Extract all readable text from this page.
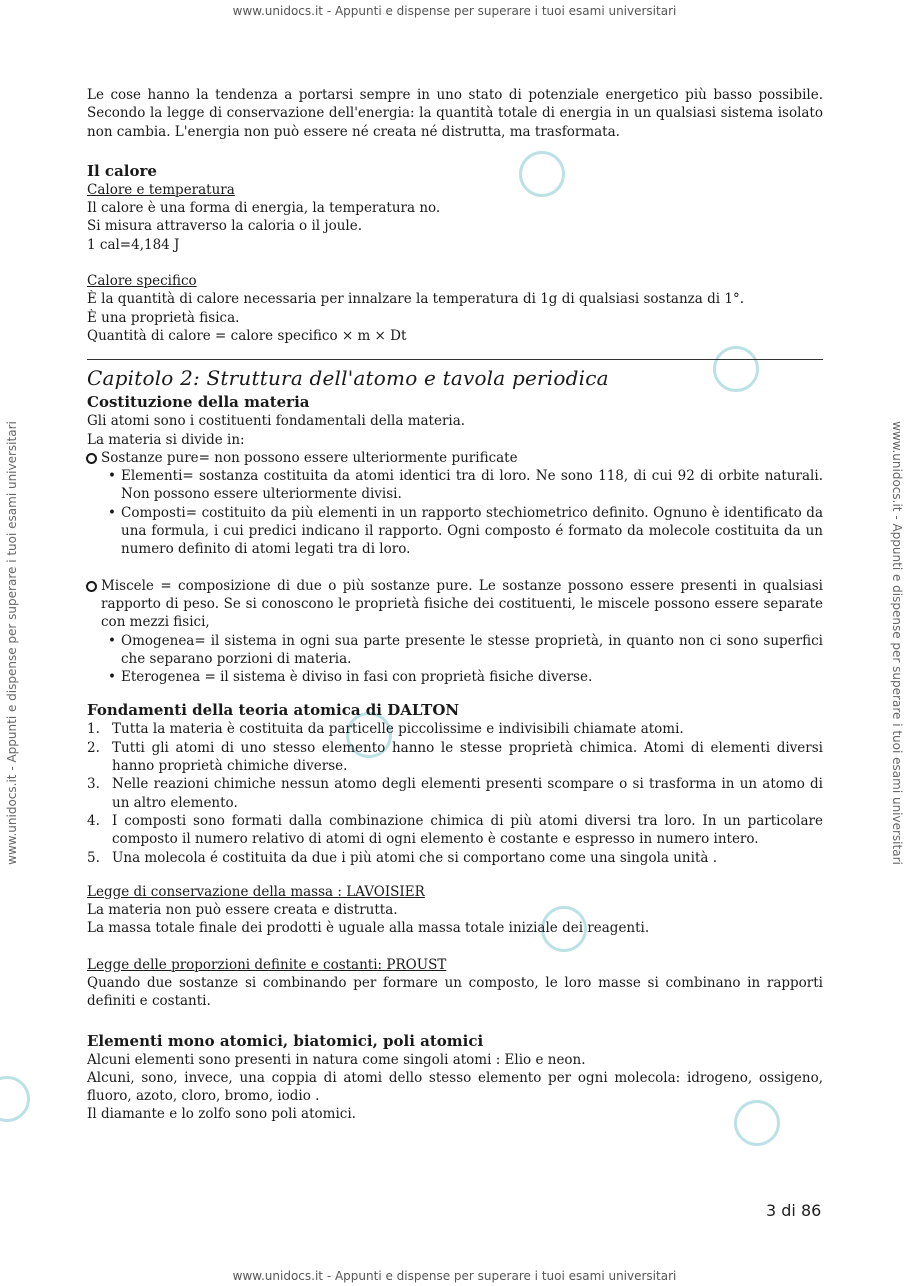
www.unidocs.it - Appunti e dispense per superare i tuoi esami universitari
www.unidocs.it - Appunti e dispense per superare i tuoi esami universitari	www.unidocs.it - Appunti e dispense per superare i tuoi esami universitari

Le cose hanno la tendenza a portarsi sempre in uno stato di potenziale energetico più basso possibile. Secondo la legge di conservazione dell'energia: la quantità totale di energia in un qualsiasi sistema isolato non cambia. L'energia non può essere né creata né distrutta, ma trasformata.

Il calore

Calore e temperatura

Il calore è una forma di energia, la temperatura no.

Si misura attraverso la caloria o il joule.

1 cal=4,184 J

Calore specifico

È la quantità di calore necessaria per innalzare la temperatura di 1g di qualsiasi sostanza di 1°.

È una proprietà fisica.

Quantità di calore = calore specifico × m × Dt

Capitolo 2: Struttura dell'atomo e tavola periodica

Costituzione della materia

Gli atomi sono i costituenti fondamentali della materia.

La materia si divide in:

Sostanze pure= non possono essere ulteriormente purificate
• Elementi= sostanza costituita da atomi identici tra di loro. Ne sono 118, di cui 92 di orbite naturali. Non possono essere ulteriormente divisi.
• Composti= costituito da più elementi in un rapporto stechiometrico definito. Ognuno è identificato da una formula, i cui predici indicano il rapporto. Ogni composto é formato da molecole costituita da un numero definito di atomi legati tra di loro.
Miscele = composizione di due o più sostanze pure. Le sostanze possono essere presenti in qualsiasi rapporto di peso. Se si conoscono le proprietà fisiche dei costituenti, le miscele possono essere separate con mezzi fisici,
• Omogenea= il sistema in ogni sua parte presente le stesse proprietà, in quanto non ci sono superfici che separano porzioni di materia.
• Eterogenea = il sistema è diviso in fasi con proprietà fisiche diverse.
Fondamenti della teoria atomica di DALTON
1. Tutta la materia è costituita da particelle piccolissime e indivisibili chiamate atomi.
2. Tutti gli atomi di uno stesso elemento hanno le stesse proprietà chimica. Atomi di elementi diversi hanno proprietà chimiche diverse.
3. Nelle reazioni chimiche nessun atomo degli elementi presenti scompare o si trasforma in un atomo di un altro elemento.
4. I composti sono formati dalla combinazione chimica di più atomi diversi tra loro. In un particolare composto il numero relativo di atomi di ogni elemento è costante e espresso in numero intero.
5. Una molecola é costituita da due i più atomi che si comportano come una singola unità .

Legge di conservazione della massa : LAVOISIER

La materia non può essere creata e distrutta.

La massa totale finale dei prodotti è uguale alla massa totale iniziale dei reagenti.

Legge delle proporzioni definite e costanti: PROUST

Quando due sostanze si combinando per formare un composto, le loro masse si combinano in rapporti definiti e costanti.

Elementi mono atomici, biatomici, poli atomici

Alcuni elementi sono presenti in natura come singoli atomi : Elio e neon.

Alcuni, sono, invece, una coppia di atomi dello stesso elemento per ogni molecola: idrogeno, ossigeno, fluoro, azoto, cloro, bromo, iodio .

Il diamante e lo zolfo sono poli atomici.

3 di 86
www.unidocs.it - Appunti e dispense per superare i tuoi esami universitari
